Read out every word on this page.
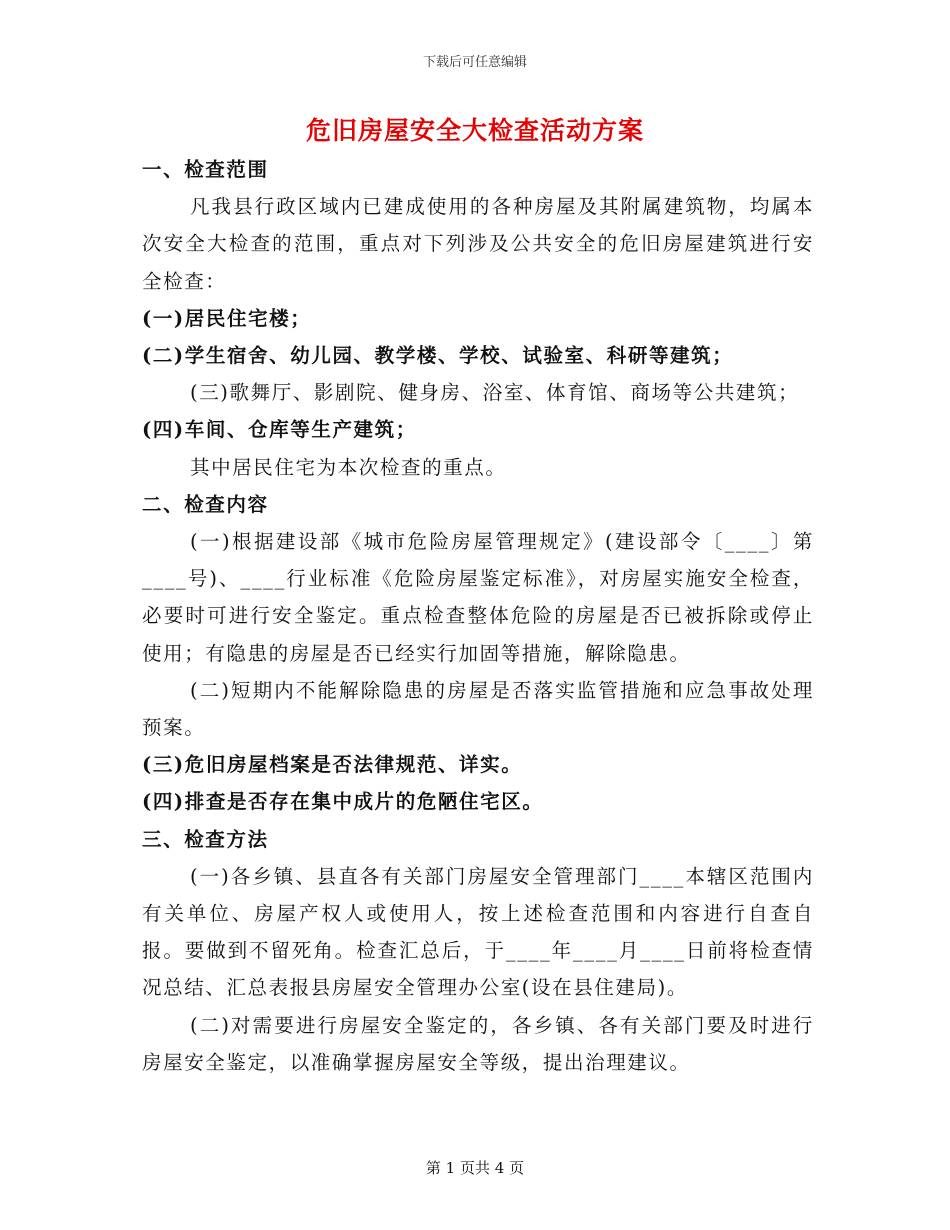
下载后可任意编辑
危旧房屋安全大检查活动方案

一、检查范围

凡我县行政区域内已建成使用的各种房屋及其附属建筑物，均属本次安全大检查的范围，重点对下列涉及公共安全的危旧房屋建筑进行安全检查：

(一)居民住宅楼；

(二)学生宿舍、幼儿园、教学楼、学校、试验室、科研等建筑；

(三)歌舞厅、影剧院、健身房、浴室、体育馆、商场等公共建筑；

(四)车间、仓库等生产建筑；

其中居民住宅为本次检查的重点。

二、检查内容

(一)根据建设部《城市危险房屋管理规定》(建设部令〔____〕第____号)、____行业标准《危险房屋鉴定标准》，对房屋实施安全检查，必要时可进行安全鉴定。重点检查整体危险的房屋是否已被拆除或停止使用；有隐患的房屋是否已经实行加固等措施，解除隐患。

(二)短期内不能解除隐患的房屋是否落实监管措施和应急事故处理预案。

(三)危旧房屋档案是否法律规范、详实。

(四)排查是否存在集中成片的危陋住宅区。

三、检查方法

(一)各乡镇、县直各有关部门房屋安全管理部门____本辖区范围内有关单位、房屋产权人或使用人，按上述检查范围和内容进行自查自报。要做到不留死角。检查汇总后，于____年____月____日前将检查情况总结、汇总表报县房屋安全管理办公室(设在县住建局)。

(二)对需要进行房屋安全鉴定的，各乡镇、各有关部门要及时进行房屋安全鉴定，以准确掌握房屋安全等级，提出治理建议。

第 1 页共 4 页
